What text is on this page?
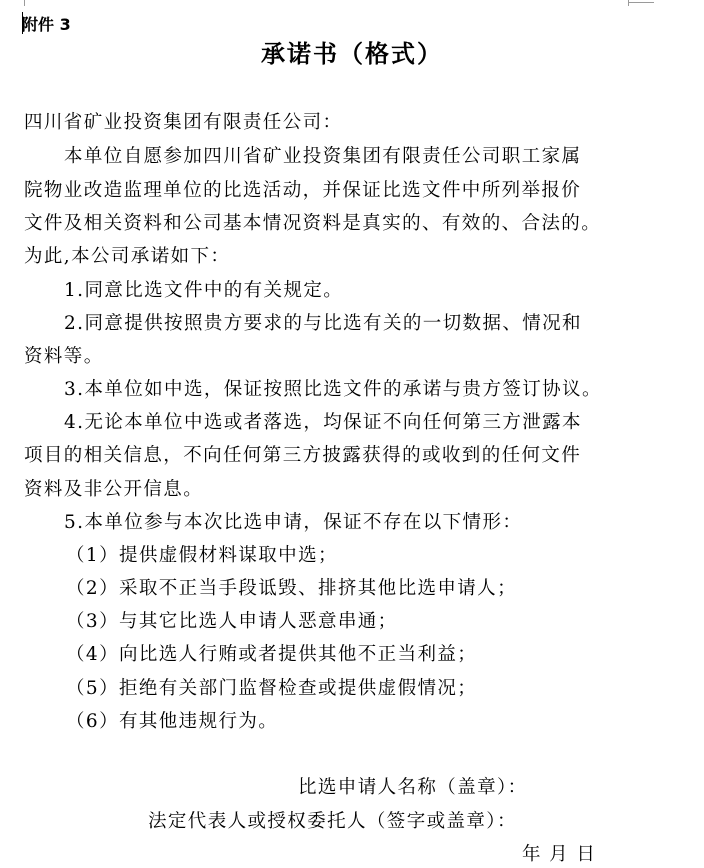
附件 3
承诺书（格式）
四川省矿业投资集团有限责任公司：
本单位自愿参加四川省矿业投资集团有限责任公司职工家属
院物业改造监理单位的比选活动，并保证比选文件中所列举报价
文件及相关资料和公司基本情况资料是真实的、有效的、合法的。
为此,本公司承诺如下：
1.同意比选文件中的有关规定。
2.同意提供按照贵方要求的与比选有关的一切数据、情况和
资料等。
3.本单位如中选，保证按照比选文件的承诺与贵方签订协议。
4.无论本单位中选或者落选，均保证不向任何第三方泄露本
项目的相关信息，不向任何第三方披露获得的或收到的任何文件
资料及非公开信息。
5.本单位参与本次比选申请，保证不存在以下情形：
（1）提供虚假材料谋取中选；
（2）采取不正当手段诋毁、排挤其他比选申请人；
（3）与其它比选人申请人恶意串通；
（4）向比选人行贿或者提供其他不正当利益；
（5）拒绝有关部门监督检查或提供虚假情况；
（6）有其他违规行为。
比选申请人名称（盖章）：
法定代表人或授权委托人（签字或盖章）：
年 月 日
